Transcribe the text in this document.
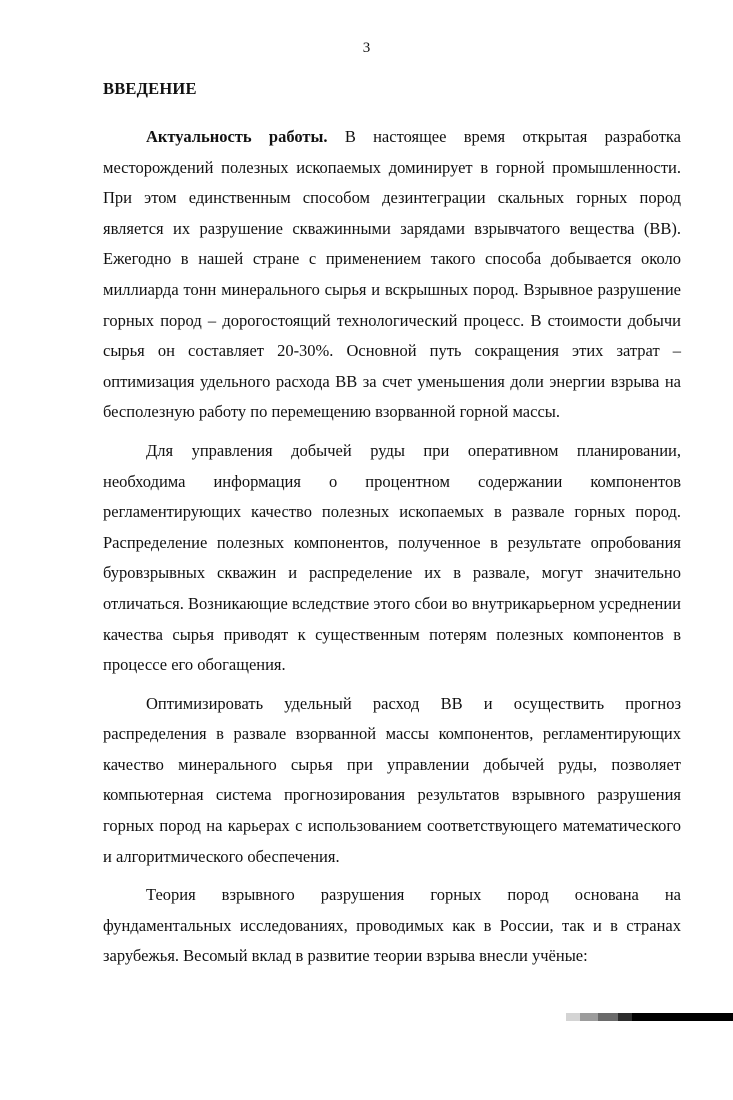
3
ВВЕДЕНИЕ

Актуальность работы. В настоящее время открытая разработка месторождений полезных ископаемых доминирует в горной промышленности. При этом единственным способом дезинтеграции скальных горных пород является их разрушение скважинными зарядами взрывчатого вещества (ВВ). Ежегодно в нашей стране с применением такого способа добывается около миллиарда тонн минерального сырья и вскрышных пород. Взрывное разрушение горных пород – дорогостоящий технологический процесс. В стоимости добычи сырья он составляет 20-30%. Основной путь сокращения этих затрат – оптимизация удельного расхода ВВ за счет уменьшения доли энергии взрыва на бесполезную работу по перемещению взорванной горной массы.

Для управления добычей руды при оперативном планировании, необходима информация о процентном содержании компонентов регламентирующих качество полезных ископаемых в развале горных пород. Распределение полезных компонентов, полученное в результате опробования буровзрывных скважин и распределение их в развале, могут значительно отличаться. Возникающие вследствие этого сбои во внутрикарьерном усреднении качества сырья приводят к существенным потерям полезных компонентов в процессе его обогащения.

Оптимизировать удельный расход ВВ и осуществить прогноз распределения в развале взорванной массы компонентов, регламентирующих качество минерального сырья при управлении добычей руды, позволяет компьютерная система прогнозирования результатов взрывного разрушения горных пород на карьерах с использованием соответствующего математического и алгоритмического обеспечения.

Теория взрывного разрушения горных пород основана на фундаментальных исследованиях, проводимых как в России, так и в странах зарубежья. Весомый вклад в развитие теории взрыва внесли учёные:
